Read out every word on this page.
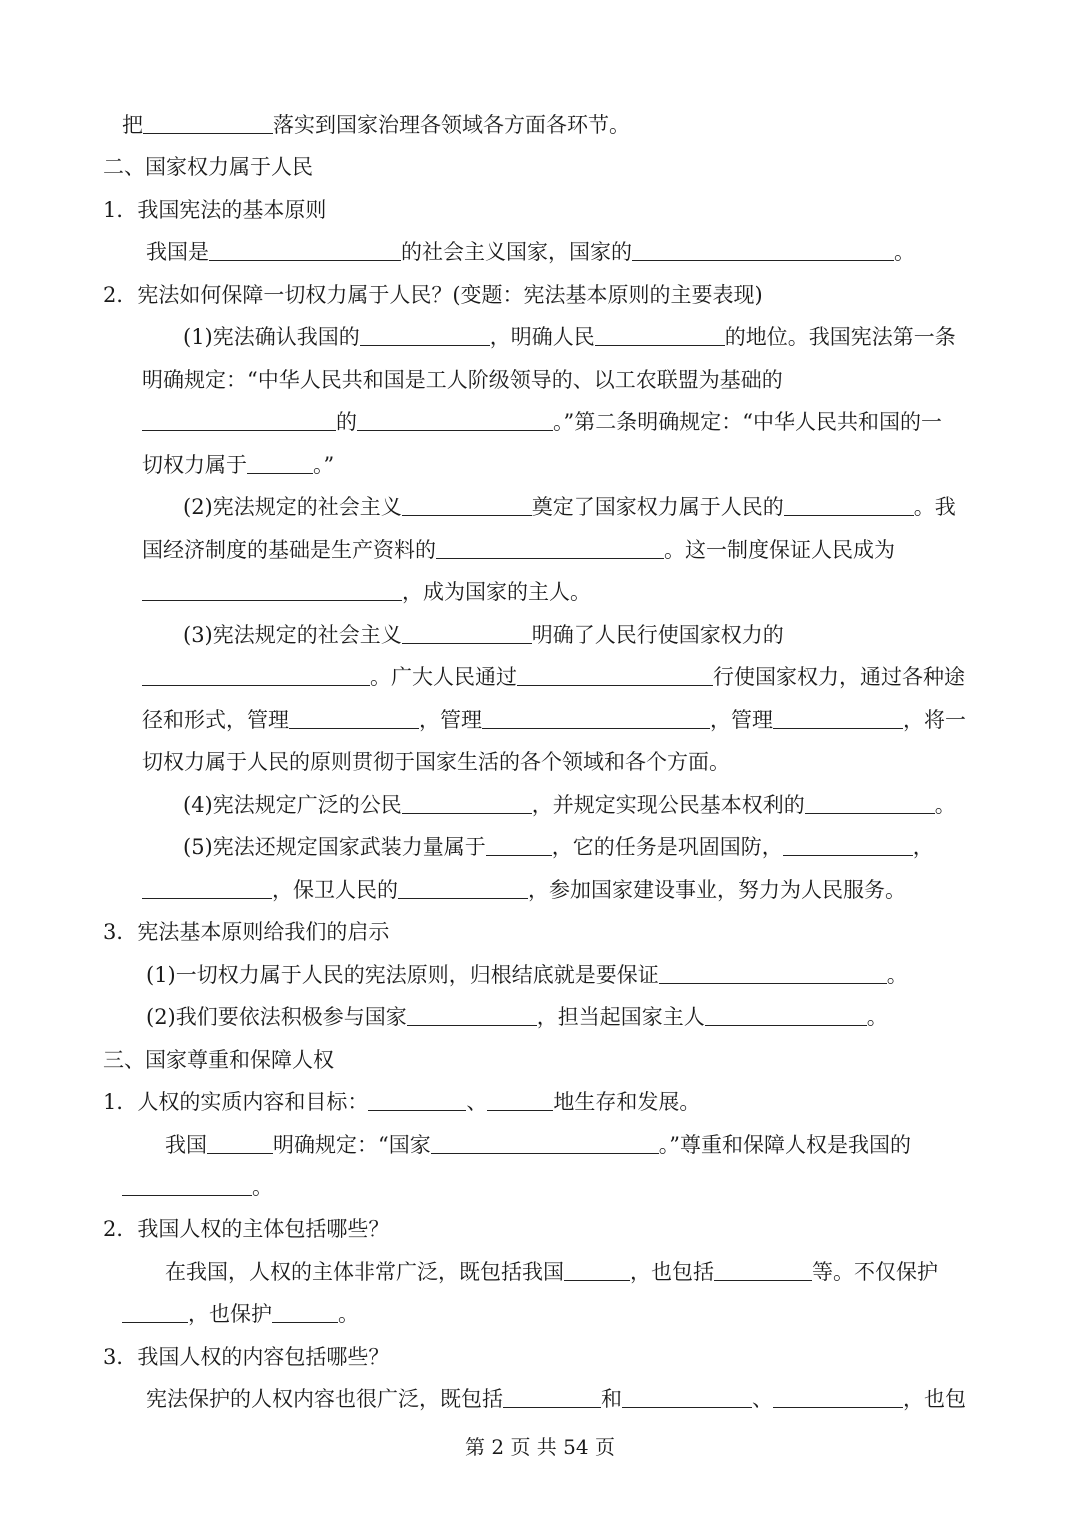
把	落实到国家治理各领域各方面各环节。
二、国家权力属于人民
1．我国宪法的基本原则
我国是	的社会主义国家，国家的	。
2．宪法如何保障一切权力属于人民？(变题：宪法基本原则的主要表现)
(1)宪法确认我国的	，明确人民	的地位。我国宪法第一条
明确规定：“中华人民共和国是工人阶级领导的、以工农联盟为基础的
的	。”第二条明确规定：“中华人民共和国的一
切权力属于	。”
(2)宪法规定的社会主义	奠定了国家权力属于人民的	。我
国经济制度的基础是生产资料的	。这一制度保证人民成为
，成为国家的主人。
(3)宪法规定的社会主义	明确了人民行使国家权力的
。广大人民通过	行使国家权力，通过各种途
径和形式，管理	，管理	，管理	，将一
切权力属于人民的原则贯彻于国家生活的各个领域和各个方面。
(4)宪法规定广泛的公民	，并规定实现公民基本权利的	。
(5)宪法还规定国家武装力量属于	，它的任务是巩固国防，	，
，保卫人民的	，参加国家建设事业，努力为人民服务。
3．宪法基本原则给我们的启示
(1)一切权力属于人民的宪法原则，归根结底就是要保证	。
(2)我们要依法积极参与国家	，担当起国家主人	。
三、国家尊重和保障人权
1．人权的实质内容和目标：	、	地生存和发展。
我国	明确规定：“国家	。”尊重和保障人权是我国的
。
2．我国人权的主体包括哪些？
在我国，人权的主体非常广泛，既包括我国	，也包括	等。不仅保护
，也保护	。
3．我国人权的内容包括哪些？
宪法保护的人权内容也很广泛，既包括	和	、	，也包
第 2 页 共 54 页
